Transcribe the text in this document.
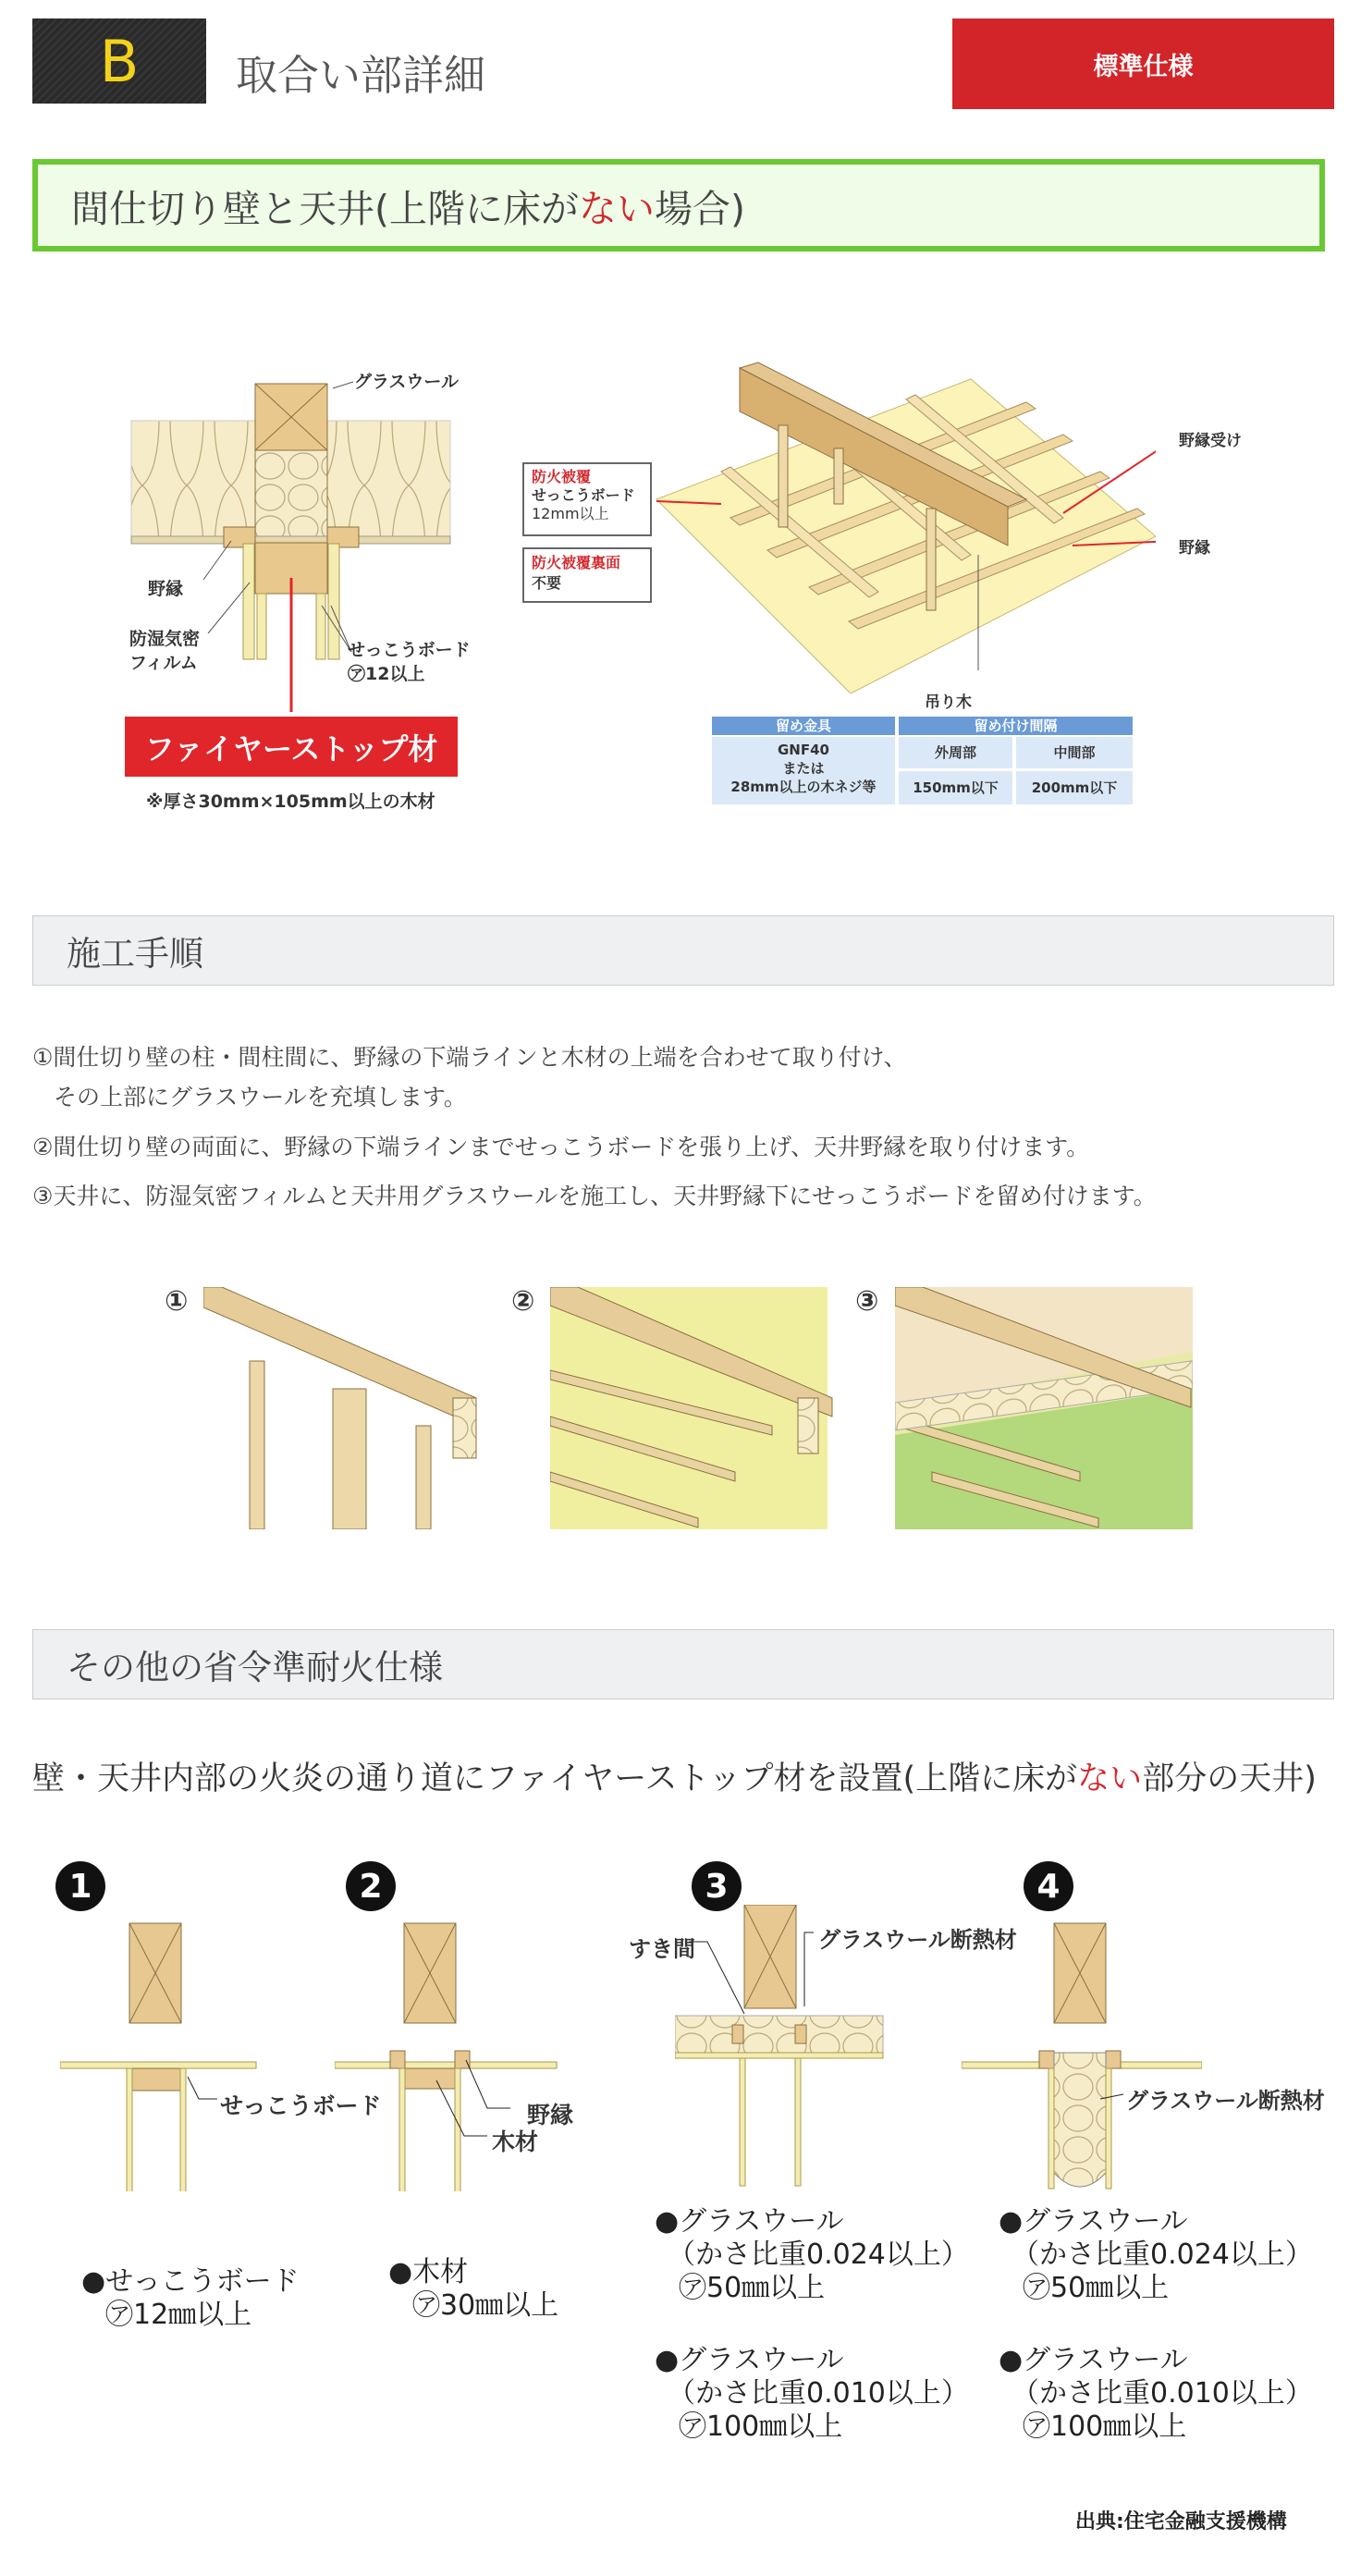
B	取合い部詳細	標準仕様
間仕切り壁と天井(上階に床が ない 場合)
グラスウール
野縁
防湿気密
フィルム
せっこうボード
㋐12以上
ファイヤーストップ材
※厚さ30mm×105mm以上の木材
防火被覆
せっこうボード
12mm以上
防火被覆裏面
不要
野縁受け
野縁
吊り木
留め金具	留め付け間隔
GNF40
または
28mm以上の木ネジ等
外周部	中間部
150mm以下	200mm以下
施工手順
①間仕切り壁の柱・間柱間に、野縁の下端ラインと木材の上端を合わせて取り付け、
その上部にグラスウールを充填します。
②間仕切り壁の両面に、野縁の下端ラインまでせっこうボードを張り上げ、天井野縁を取り付けます。
③天井に、防湿気密フィルムと天井用グラスウールを施工し、天井野縁下にせっこうボードを留め付けます。
①	②	③
その他の省令準耐火仕様
壁・天井内部の火炎の通り道にファイヤーストップ材を設置(上階に床がない部分の天井)
1
せっこうボード
●せっこうボード
㋐12㎜以上
2
野縁
木材
●木材
㋐30㎜以上
3
すき間	グラスウール断熱材
●グラスウール
（かさ比重0.024以上）
㋐50㎜以上
●グラスウール
（かさ比重0.010以上）
㋐100㎜以上
4
グラスウール断熱材
●グラスウール
（かさ比重0.024以上）
㋐50㎜以上
●グラスウール
（かさ比重0.010以上）
㋐100㎜以上
出典:住宅金融支援機構
